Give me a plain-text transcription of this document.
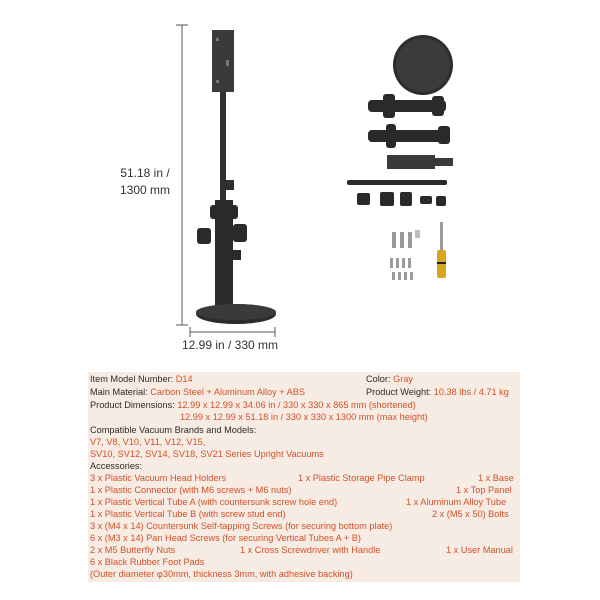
51.18 in /
1300 mm
12.99 in / 330 mm
Item Model Number: D14	Color: Gray
Main Material: Carbon Steel + Aluminum Alloy + ABS	Product Weight: 10.38 lbs / 4.71 kg
Product Dimensions: 12.99 x 12.99 x 34.06 in / 330 x 330 x 865 mm (shortened)
12.99 x 12.99 x 51.18 in / 330 x 330 x 1300 mm (max height)
Compatible Vacuum Brands and Models:
V7, V8, V10, V11, V12, V15,
SV10, SV12, SV14, SV18, SV21 Series Upright Vacuums
Accessories:
3 x Plastic Vacuum Head Holders	1 x Plastic Storage Pipe Clamp	1 x Base
1 x Plastic Connector (with M6 screws + M6 nuts)	1 x Top Panel
1 x Plastic Vertical Tube A (with countersunk screw hole end)	1 x Aluminum Alloy Tube
1 x Plastic Vertical Tube B (with screw stud end)	2 x (M5 x 50) Bolts
3 x (M4 x 14) Countersunk Self-tapping Screws (for securing bottom plate)
6 x (M3 x 14) Pan Head Screws (for securing Vertical Tubes A + B)
2 x M5 Butterfly Nuts	1 x Cross Screwdriver with Handle	1 x User Manual
6 x Black Rubber Foot Pads
(Outer diameter φ30mm, thickness 3mm, with adhesive backing)
